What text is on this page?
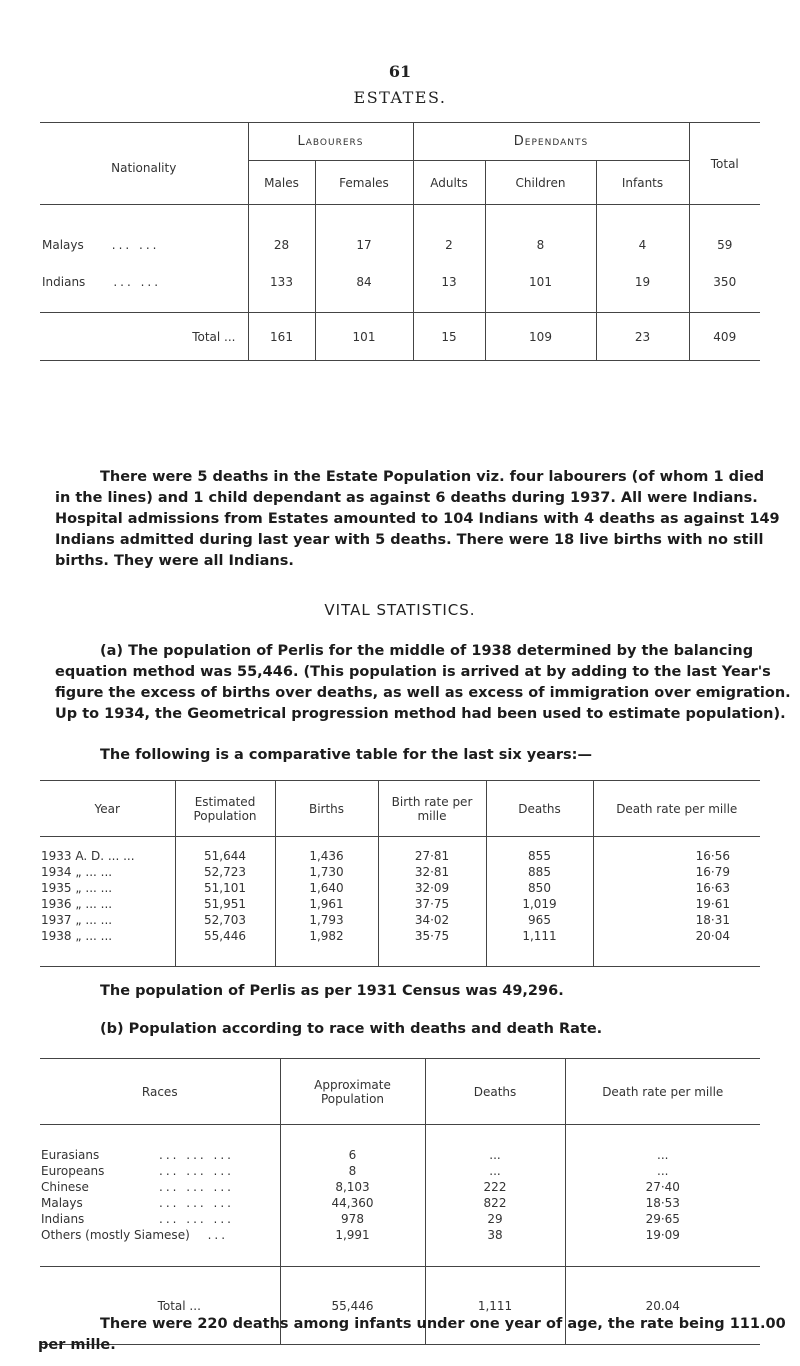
61
ESTATES.
Nationality	Labourers		Dependants			Total
	Males	Females	Adults	Children	Infants	
Malays ... ...	28	17	2	8	4	59
Indians ... ...	133	84	13	101	19	350
Total ...	161	101	15	109	23	409
There were 5 deaths in the Estate Population viz. four labourers (of whom 1 died
in the lines) and 1 child dependant as against 6 deaths during 1937. All were Indians.
Hospital admissions from Estates amounted to 104 Indians with 4 deaths as against 149
Indians admitted during last year with 5 deaths. There were 18 live births with no still
births. They were all Indians.
VITAL STATISTICS.
(a) The population of Perlis for the middle of 1938 determined by the balancing
equation method was 55,446. (This population is arrived at by adding to the last Year's
figure the excess of births over deaths, as well as excess of immigration over emigration.
Up to 1934, the Geometrical progression method had been used to estimate population).
The following is a comparative table for the last six years:—
Year	Estimated Population	Births	Birth rate per mille	Deaths	Death rate per mille
1933 A. D. ... ...	51,644	1,436	27·81	855	16·56
1934 „ ... ...	52,723	1,730	32·81	885	16·79
1935 „ ... ...	51,101	1,640	32·09	850	16·63
1936 „ ... ...	51,951	1,961	37·75	1,019	19·61
1937 „ ... ...	52,703	1,793	34·02	965	18·31
1938 „ ... ...	55,446	1,982	35·75	1,111	20·04
The population of Perlis as per 1931 Census was 49,296.
(b) Population according to race with deaths and death Rate.
Races	Approximate Population	Deaths	Death rate per mille
Eurasians ... ... ...	6	...	...
Europeans ... ... ...	8	...	...
Chinese ... ... ...	8,103	222	27·40
Malays ... ... ...	44,360	822	18·53
Indians ... ... ...	978	29	29·65
Others (mostly Siamese) ...	1,991	38	19·09
Total ...	55,446	1,111	20.04
There were 220 deaths among infants under one year of age, the rate being 111.00
per mille.
